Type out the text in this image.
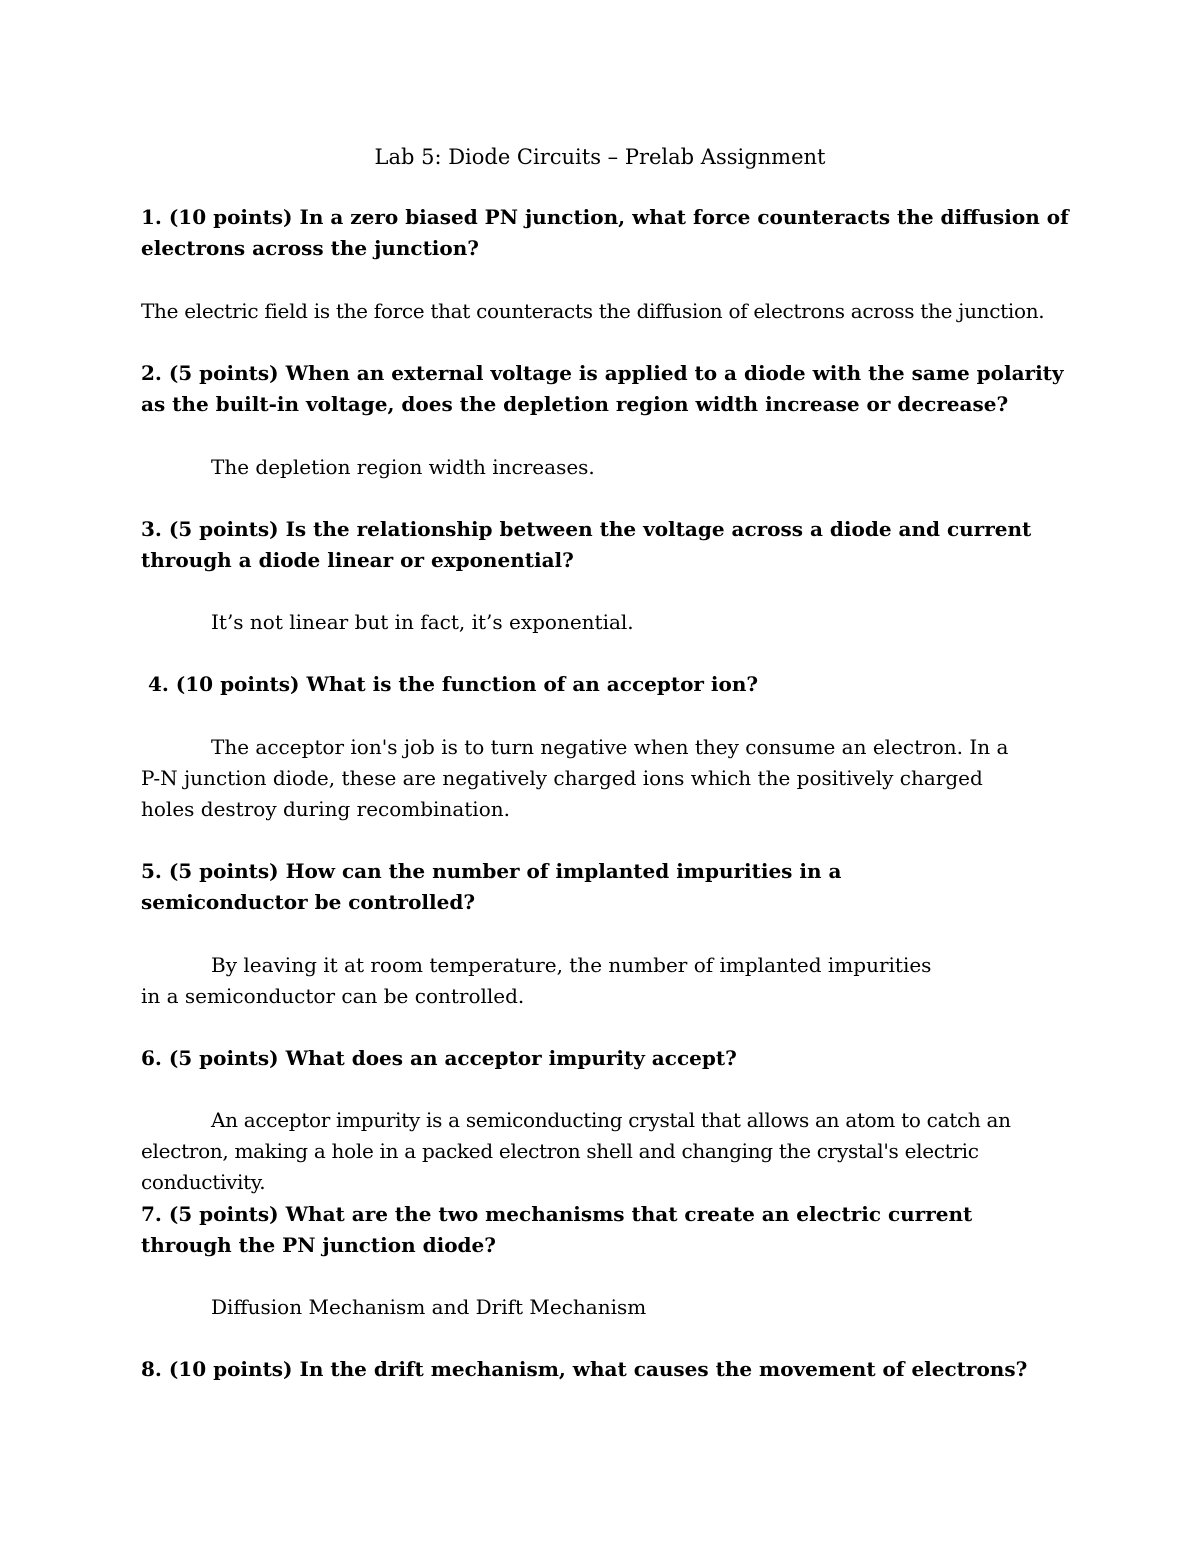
Lab 5: Diode Circuits – Prelab Assignment

1. (10 points) In a zero biased PN junction, what force counteracts the diffusion of electrons across the junction?

The electric field is the force that counteracts the diffusion of electrons across the junction.

2. (5 points) When an external voltage is applied to a diode with the same polarity as the built-in voltage, does the depletion region width increase or decrease?

The depletion region width increases.

3. (5 points) Is the relationship between the voltage across a diode and current through a diode linear or exponential?

It’s not linear but in fact, it’s exponential.

4. (10 points) What is the function of an acceptor ion?

The acceptor ion's job is to turn negative when they consume an electron. In a P-N junction diode, these are negatively charged ions which the positively charged holes destroy during recombination.

5. (5 points) How can the number of implanted impurities in a semiconductor be controlled?

By leaving it at room temperature, the number of implanted impurities in a semiconductor can be controlled.

6. (5 points) What does an acceptor impurity accept?

An acceptor impurity is a semiconducting crystal that allows an atom to catch an electron, making a hole in a packed electron shell and changing the crystal's electric conductivity.

7. (5 points) What are the two mechanisms that create an electric current through the PN junction diode?

Diffusion Mechanism and Drift Mechanism

8. (10 points) In the drift mechanism, what causes the movement of electrons?
